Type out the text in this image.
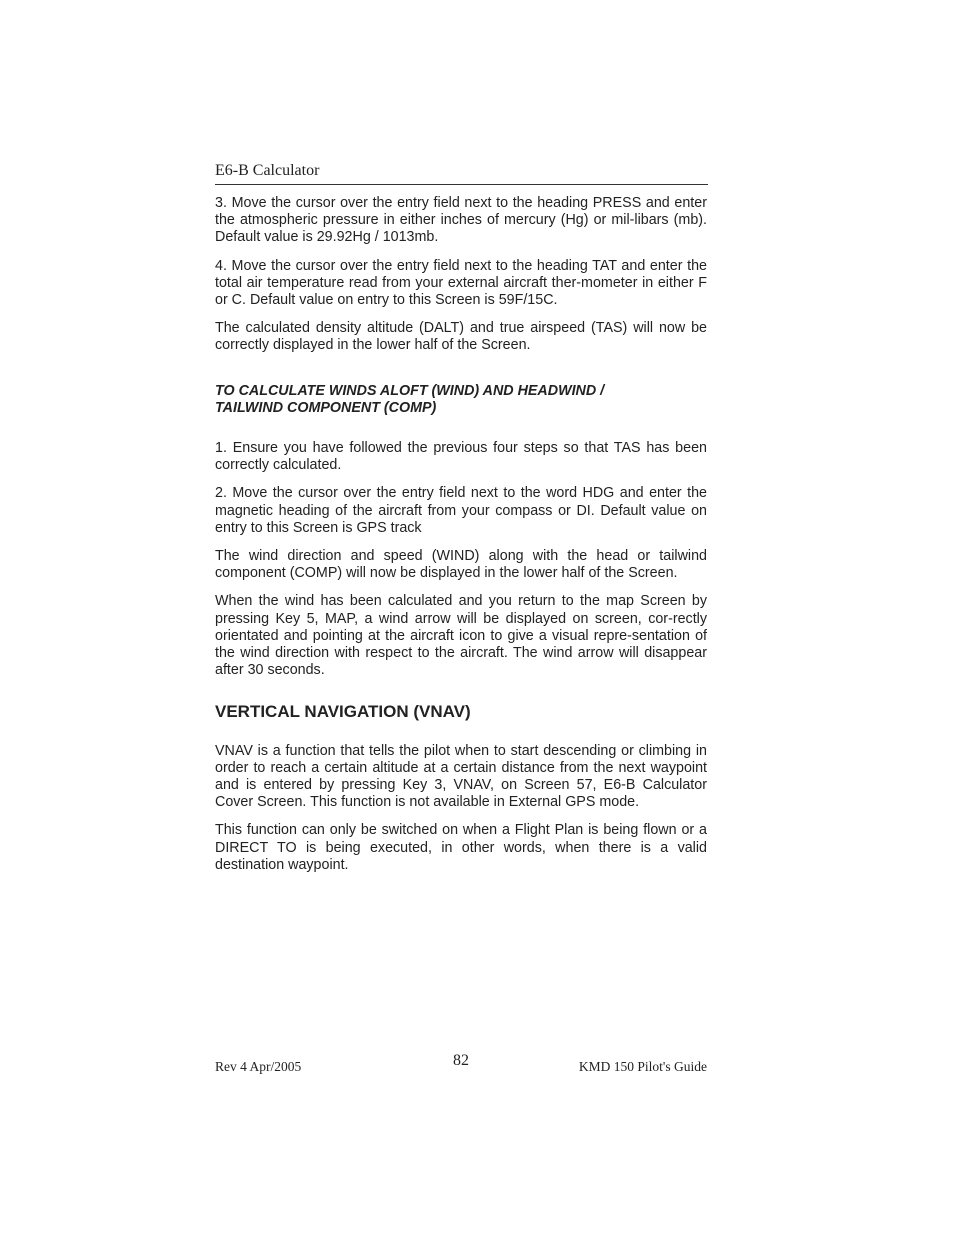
E6-B Calculator

3. Move the cursor over the entry field next to the heading PRESS and enter the atmospheric pressure in either inches of mercury (Hg) or mil-libars (mb). Default value is 29.92Hg / 1013mb.

4. Move the cursor over the entry field next to the heading TAT and enter the total air temperature read from your external aircraft ther-mometer in either F or C. Default value on entry to this Screen is 59F/15C.

The calculated density altitude (DALT) and true airspeed (TAS) will now be correctly displayed in the lower half of the Screen.

TO CALCULATE WINDS ALOFT (WIND) AND HEADWIND /
TAILWIND COMPONENT (COMP)

1. Ensure you have followed the previous four steps so that TAS has been correctly calculated.

2. Move the cursor over the entry field next to the word HDG and enter the magnetic heading of the aircraft from your compass or DI. Default value on entry to this Screen is GPS track

The wind direction and speed (WIND) along with the head or tailwind component (COMP) will now be displayed in the lower half of the Screen.

When the wind has been calculated and you return to the map Screen by pressing Key 5, MAP, a wind arrow will be displayed on screen, cor-rectly orientated and pointing at the aircraft icon to give a visual repre-sentation of the wind direction with respect to the aircraft. The wind arrow will disappear after 30 seconds.

VERTICAL NAVIGATION (VNAV)

VNAV is a function that tells the pilot when to start descending or climbing in order to reach a certain altitude at a certain distance from the next waypoint and is entered by pressing Key 3, VNAV, on Screen 57, E6-B Calculator Cover Screen. This function is not available in External GPS mode.

This function can only be switched on when a Flight Plan is being flown or a DIRECT TO is being executed, in other words, when there is a valid destination waypoint.

Rev 4 Apr/2005	82	KMD 150 Pilot's Guide
